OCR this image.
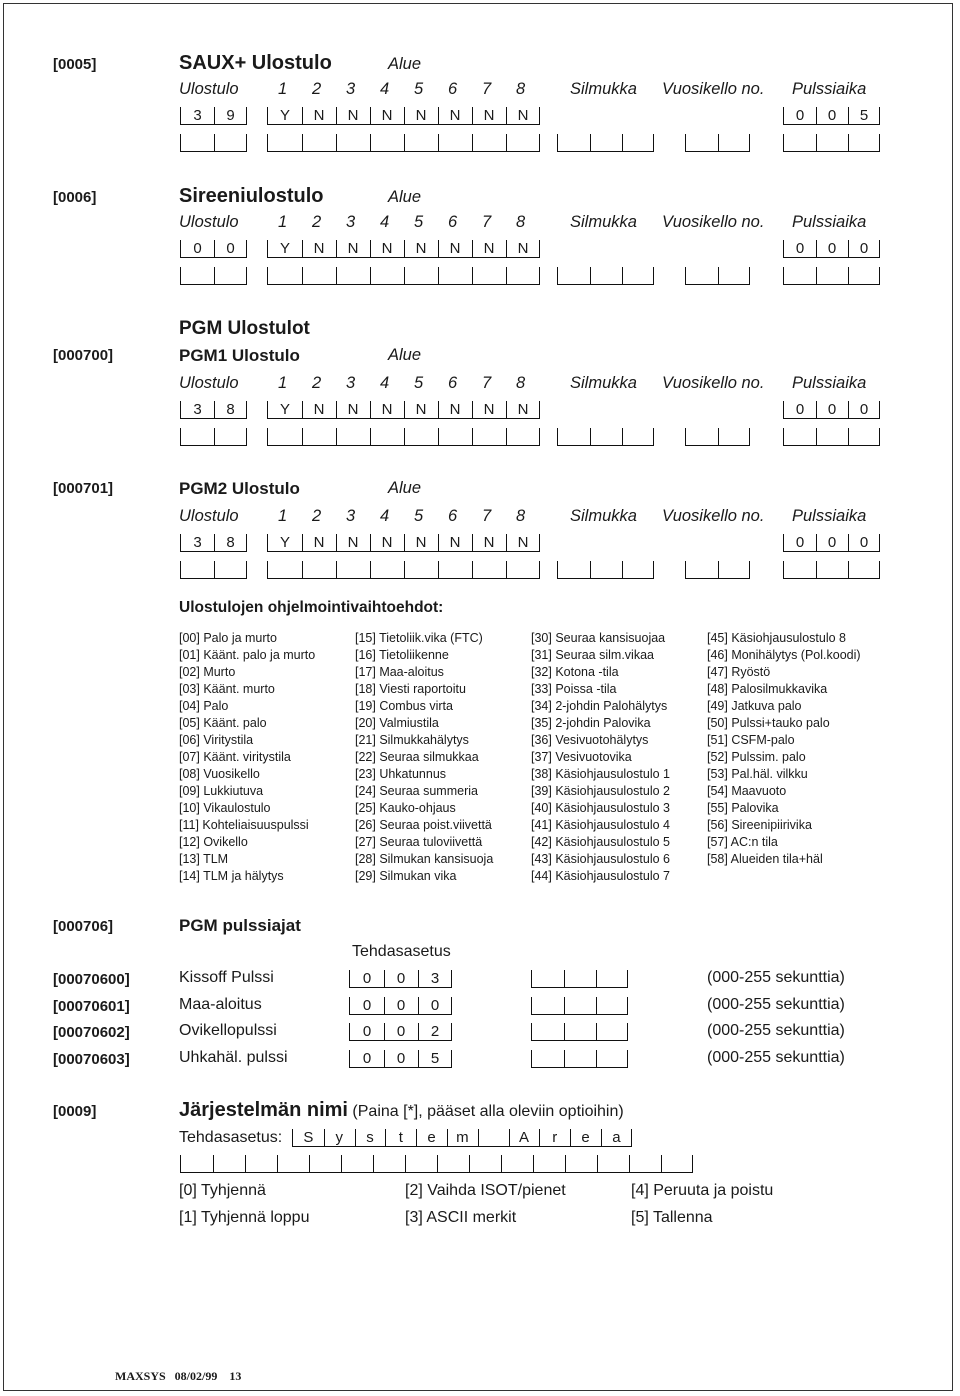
[0005]	SAUX+ Ulostulo	Alue
Ulostulo 1 2 3 4 5 6 7 8	Silmukka Vuosikello no. Pulssiaika
3	9	Y	N	N	N	N	N	N	N	0	0	5
[0006]	Sireeniulostulo	Alue
Ulostulo 1 2 3 4 5 6 7 8	Silmukka Vuosikello no. Pulssiaika
0	0	Y	N	N	N	N	N	N	N	0	0	0
[000700]	PGM1 Ulostulo	Alue
Ulostulo 1 2 3 4 5 6 7 8	Silmukka Vuosikello no. Pulssiaika
3	8	Y	N	N	N	N	N	N	N	0	0	0
[000701]	PGM2 Ulostulo	Alue
Ulostulo 1 2 3 4 5 6 7 8	Silmukka Vuosikello no. Pulssiaika
3	8	Y	N	N	N	N	N	N	N	0	0	0
PGM Ulostulot
Ulostulojen ohjelmointivaihtoehdot:
[00] Palo ja murto
[01] Käänt. palo ja murto
[02] Murto
[03] Käänt. murto
[04] Palo
[05] Käänt. palo
[06] Viritystila
[07] Käänt. viritystila
[08] Vuosikello
[09] Lukkiutuva
[10] Vikaulostulo
[11] Kohteliaisuuspulssi
[12] Ovikello
[13] TLM
[14] TLM ja hälytys
[15] Tietoliik.vika (FTC)
[16] Tietoliikenne
[17] Maa-aloitus
[18] Viesti raportoitu
[19] Combus virta
[20] Valmiustila
[21] Silmukkahälytys
[22] Seuraa silmukkaa
[23] Uhkatunnus
[24] Seuraa summeria
[25] Kauko-ohjaus
[26] Seuraa poist.viivettä
[27] Seuraa tuloviivettä
[28] Silmukan kansisuoja
[29] Silmukan vika
[30] Seuraa kansisuojaa
[31] Seuraa silm.vikaa
[32] Kotona -tila
[33] Poissa -tila
[34] 2-johdin Palohälytys
[35] 2-johdin Palovika
[36] Vesivuotohälytys
[37] Vesivuotovika
[38] Käsiohjausulostulo 1
[39] Käsiohjausulostulo 2
[40] Käsiohjausulostulo 3
[41] Käsiohjausulostulo 4
[42] Käsiohjausulostulo 5
[43] Käsiohjausulostulo 6
[44] Käsiohjausulostulo 7
[45] Käsiohjausulostulo 8
[46] Monihälytys (Pol.koodi)
[47] Ryöstö
[48] Palosilmukkavika
[49] Jatkuva palo
[50] Pulssi+tauko palo
[51] CSFM-palo
[52] Pulssim. palo
[53] Pal.häl. vilkku
[54] Maavuoto
[55] Palovika
[56] Sireenipiirivika
[57] AC:n tila
[58] Alueiden tila+häl
[000706]	PGM pulssiajat
Tehdasasetus
[00070600]	Kissoff Pulssi	0	0	3	(000-255 sekunttia)
[00070601]	Maa-aloitus	0	0	0	(000-255 sekunttia)
[00070602]	Ovikellopulssi	0	0	2	(000-255 sekunttia)
[00070603]	Uhkahäl. pulssi	0	0	5	(000-255 sekunttia)
[0009]	Järjestelmän nimi (Paina [*], pääset alla oleviin optioihin)
Tehdasasetus:	S	y	s	t	e	m	A	r	e	a
[0] Tyhjennä	[2] Vaihda ISOT/pienet	[4] Peruuta ja poistu
[1] Tyhjennä loppu	[3] ASCII merkit	[5] Tallenna
MAXSYS 08/02/99 13
